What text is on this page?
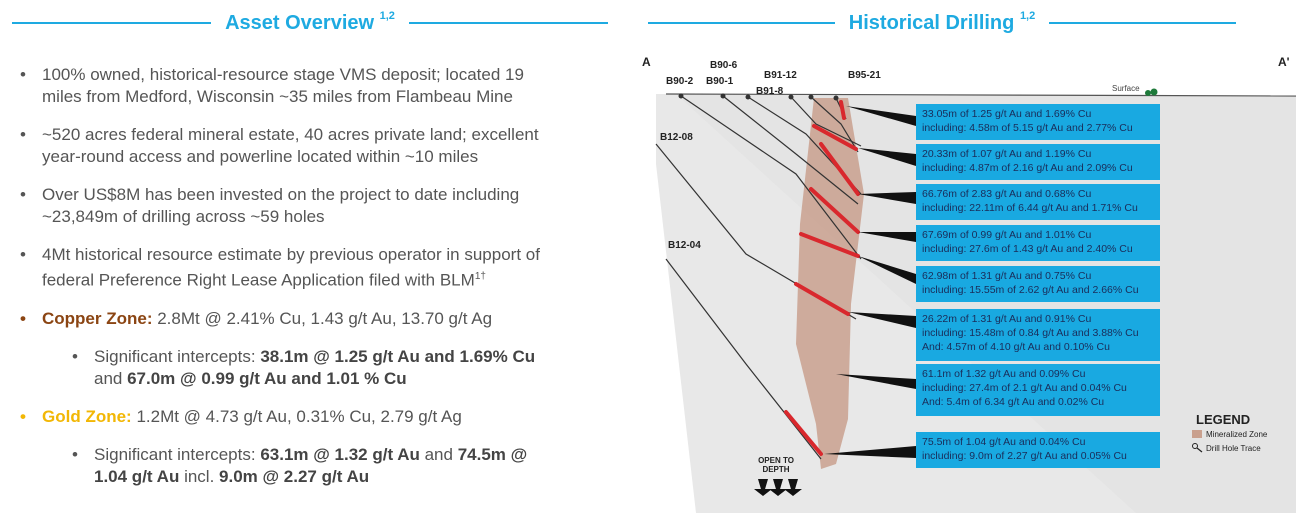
Asset Overview $^{1,2}$	Historical Drilling $^{1,2}$
• 100% owned, historical-resource stage VMS deposit; located 19
miles from Medford, Wisconsin ~35 miles from Flambeau Mine
• ~520 acres federal mineral estate, 40 acres private land; excellent
year-round access and powerline located within ~10 miles
• Over US$8M has been invested on the project to date including
~23,849m of drilling across ~59 holes
• 4Mt historical resource estimate by previous operator in support of
federal Preference Right Lease Application filed with $BLM^{1\dagger}$
• Copper Zone: 2.8Mt @ 2.41% Cu, 1.43 g/t Au, 13.70 g/t Ag
• Significant intercepts: 38.1m @ 1.25 g/t Au and 1.69% Cu
and 67.0m @ 0.99 g/t Au and 1.01 % Cu
• Gold Zone: 1.2Mt @ 4.73 g/t Au, 0.31% Cu, 2.79 g/t Ag
• Significant intercepts: 63.1m @ 1.32 g/t Au and 74.5m @
1.04 g/t Au incl. 9.0m @ 2.27 g/t Au
Surface
A	A'
B90-2
B90-6
B90-1
B91-12
B91-8
B95-21
B12-08
B12-04
33.05m of 1.25 g/t Au and 1.69% Cu
including: 4.58m of 5.15 g/t Au and 2.77% Cu
20.33m of 1.07 g/t Au and 1.19% Cu
including: 4.87m of 2.16 g/t Au and 2.09% Cu
66.76m of 2.83 g/t Au and 0.68% Cu
including: 22.11m of 6.44 g/t Au and 1.71% Cu
67.69m of 0.99 g/t Au and 1.01% Cu
including: 27.6m of 1.43 g/t Au and 2.40% Cu
62.98m of 1.31 g/t Au and 0.75% Cu
including: 15.55m of 2.62 g/t Au and 2.66% Cu
26.22m of 1.31 g/t Au and 0.91% Cu
including: 15.48m of 0.84 g/t Au and 3.88% Cu
And: 4.57m of 4.10 g/t Au and 0.10% Cu
61.1m of 1.32 g/t Au and 0.09% Cu
including: 27.4m of 2.1 g/t Au and 0.04% Cu
And: 5.4m of 6.34 g/t Au and 0.02% Cu
75.5m of 1.04 g/t Au and 0.04% Cu
including: 9.0m of 2.27 g/t Au and 0.05% Cu
OPEN TO
DEPTH
LEGEND
Mineralized Zone
Drill Hole Trace
